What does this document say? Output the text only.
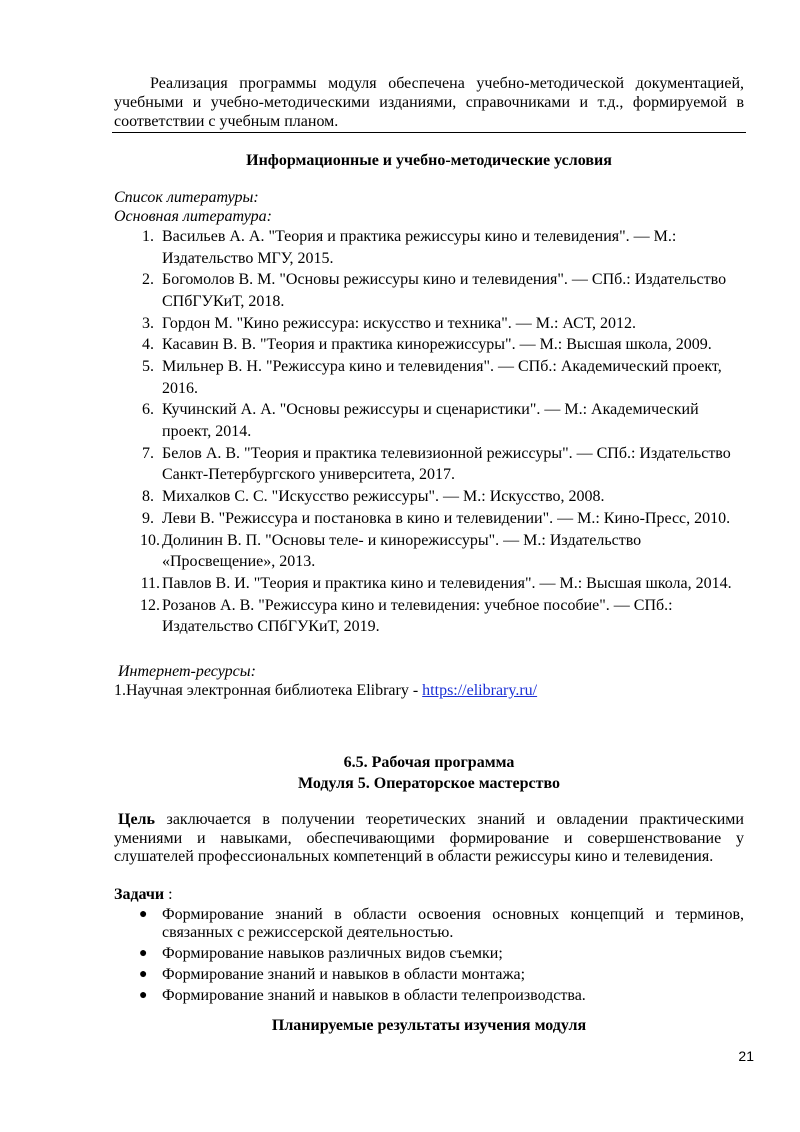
Реализация программы модуля обеспечена учебно-методической документацией, учебными и учебно-методическими изданиями, справочниками и т.д., формируемой в соответствии с учебным планом.

Информационные и учебно-методические условия

Список литературы:

Основная литература:

1. Васильев А. А. "Теория и практика режиссуры кино и телевидения". — М.: Издательство МГУ, 2015.
2. Богомолов В. М. "Основы режиссуры кино и телевидения". — СПб.: Издательство СПбГУКиТ, 2018.
3. Гордон М. "Кино режиссура: искусство и техника". — М.: АСТ, 2012.
4. Касавин В. В. "Теория и практика кинорежиссуры". — М.: Высшая школа, 2009.
5. Мильнер В. Н. "Режиссура кино и телевидения". — СПб.: Академический проект, 2016.
6. Кучинский А. А. "Основы режиссуры и сценаристики". — М.: Академический проект, 2014.
7. Белов А. В. "Теория и практика телевизионной режиссуры". — СПб.: Издательство Санкт-Петербургского университета, 2017.
8. Михалков С. С. "Искусство режиссуры". — М.: Искусство, 2008.
9. Леви В. "Режиссура и постановка в кино и телевидении". — М.: Кино-Пресс, 2010.
10. Долинин В. П. "Основы теле- и кинорежиссуры". — М.: Издательство «Просвещение», 2013.
11. Павлов В. И. "Теория и практика кино и телевидения". — М.: Высшая школа, 2014.
12. Розанов А. В. "Режиссура кино и телевидения: учебное пособие". — СПб.: Издательство СПбГУКиТ, 2019.

Интернет-ресурсы:

1.Научная электронная библиотека Elibrary - https://elibrary.ru/

6.5. Рабочая программа

Модуля 5. Операторское мастерство

Цель заключается в получении теоретических знаний и овладении практическими умениями и навыками, обеспечивающими формирование и совершенствование у слушателей профессиональных компетенций в области режиссуры кино и телевидения.

Задачи :

● Формирование знаний в области освоения основных концепций и терминов, связанных с режиссерской деятельностью.
● Формирование навыков различных видов съемки;
● Формирование знаний и навыков в области монтажа;
● Формирование знаний и навыков в области телепроизводства.

Планируемые результаты изучения модуля

21
